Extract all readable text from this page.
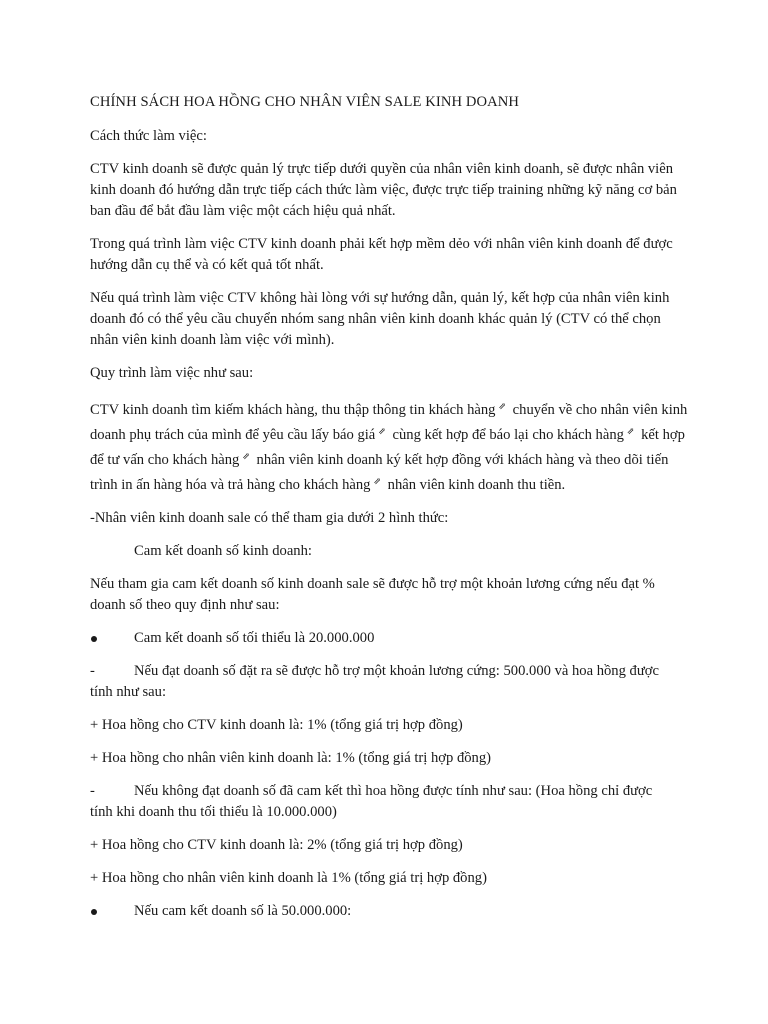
CHÍNH SÁCH HOA HỒNG CHO NHÂN VIÊN SALE KINH DOANH

Cách thức làm việc:

CTV kinh doanh sẽ được quản lý trực tiếp dưới quyền của nhân viên kinh doanh, sẽ được nhân viên kinh doanh đó hướng dẫn trực tiếp cách thức làm việc, được trực tiếp training những kỹ năng cơ bản ban đầu để bắt đầu làm việc một cách hiệu quả nhất.

Trong quá trình làm việc CTV kinh doanh phải kết hợp mềm dẻo với nhân viên kinh doanh để được hướng dẫn cụ thể và có kết quả tốt nhất.

Nếu quá trình làm việc CTV không hài lòng với sự hướng dẫn, quản lý, kết hợp của nhân viên kinh doanh đó có thể yêu cầu chuyển nhóm sang nhân viên kinh doanh khác quản lý (CTV có thể chọn nhân viên kinh doanh làm việc với mình).

Quy trình làm việc như sau:

CTV kinh doanh tìm kiếm khách hàng, thu thập thông tin khách hàng ⇗ chuyển về cho nhân viên kinh doanh phụ trách của mình để yêu cầu lấy báo giá ⇗ cùng kết hợp để báo lại cho khách hàng ⇗ kết hợp để tư vấn cho khách hàng ⇗ nhân viên kinh doanh ký kết hợp đồng với khách hàng và theo dõi tiến trình in ấn hàng hóa và trả hàng cho khách hàng ⇗ nhân viên kinh doanh thu tiền.

-Nhân viên kinh doanh sale có thể tham gia dưới 2 hình thức:

Cam kết doanh số kinh doanh:

Nếu tham gia cam kết doanh số kinh doanh sale sẽ được hỗ trợ một khoản lương cứng nếu đạt % doanh số theo quy định như sau:

Cam kết doanh số tối thiểu là 20.000.000
-	Nếu đạt doanh số đặt ra sẽ được hỗ trợ một khoản lương cứng: 500.000 và hoa hồng được
tính như sau:

+ Hoa hồng cho CTV kinh doanh là: 1% (tổng giá trị hợp đồng)

+ Hoa hồng cho nhân viên kinh doanh là: 1% (tổng giá trị hợp đồng)

-	Nếu không đạt doanh số đã cam kết thì hoa hồng được tính như sau: (Hoa hồng chỉ được
tính khi doanh thu tối thiểu là 10.000.000)

+ Hoa hồng cho CTV kinh doanh là: 2% (tổng giá trị hợp đồng)

+ Hoa hồng cho nhân viên kinh doanh là 1% (tổng giá trị hợp đồng)

Nếu cam kết doanh số là 50.000.000:
